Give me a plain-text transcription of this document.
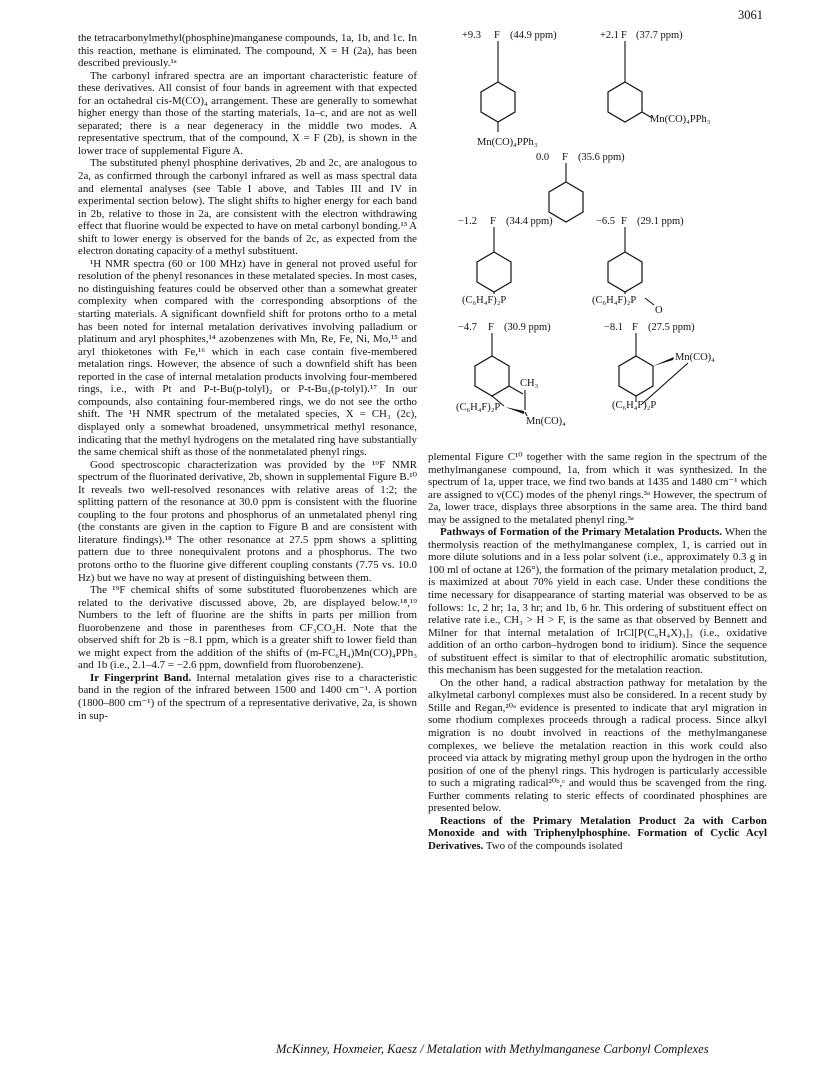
3061

the tetracarbonylmethyl(phosphine)manganese compounds, 1a, 1b, and 1c. In this reaction, methane is eliminated. The compound, X = H (2a), has been described previously.¹ᵃ

The carbonyl infrared spectra are an important characteristic feature of these derivatives. All consist of four bands in agreement with that expected for an octahedral cis-M(CO)₄ arrangement. These are generally to somewhat higher energy than those of the starting materials, 1a–c, and are not as well separated; there is a near degeneracy in the middle two modes. A representative spectrum, that of the compound, X = F (2b), is shown in the lower trace of supplemental Figure A.

The substituted phenyl phosphine derivatives, 2b and 2c, are analogous to 2a, as confirmed through the carbonyl infrared as well as mass spectral data and elemental analyses (see Table I above, and Tables III and IV in experimental section below). The slight shifts to higher energy for each band in 2b, relative to those in 2a, are consistent with the electron withdrawing effect that fluorine would be expected to have on metal carbonyl bonding.¹³ A shift to lower energy is observed for the bands of 2c, as expected from the electron donating capacity of a methyl substituent.

¹H NMR spectra (60 or 100 MHz) have in general not proved useful for resolution of the phenyl resonances in these metalated species. In most cases, no distinguishing features could be observed other than a somewhat greater complexity when compared with the corresponding absorptions of the starting materials. A significant downfield shift for protons ortho to a metal has been noted for internal metalation derivatives involving palladium or platinum and aryl phosphites,¹⁴ azobenzenes with Mn, Re, Fe, Ni, Mo,¹⁵ and aryl thioketones with Fe,¹⁶ which in each case contain five-membered metalation rings. However, the absence of such a downfield shift has been reported in the case of internal metalation products involving four-membered rings, i.e., with Pt and P-t-Bu(p-tolyl)₂ or P-t-Bu₂(p-tolyl).¹⁷ In our compounds, also containing four-membered rings, we do not see the ortho shift. The ¹H NMR spectrum of the metalated species, X = CH₃ (2c), displayed only a somewhat broadened, unsymmetrical methyl resonance, indicating that the methyl hydrogens on the metalated ring have substantially the same chemical shift as those of the nonmetalated phenyl rings.

Good spectroscopic characterization was provided by the ¹⁹F NMR spectrum of the fluorinated derivative, 2b, shown in supplemental Figure B.¹⁰ It reveals two well-resolved resonances with relative areas of 1:2; the splitting pattern of the resonance at 30.0 ppm is consistent with the fluorine coupling to the four protons and phosphorus of an unmetalated phenyl ring (the constants are given in the caption to Figure B and are consistent with literature findings).¹⁸ The other resonance at 27.5 ppm shows a splitting pattern due to three nonequivalent protons and a phosphorus. The two protons ortho to the fluorine give different coupling constants (7.75 vs. 10.0 Hz) but we have no way at present of distinguishing between them.

The ¹⁹F chemical shifts of some substituted fluorobenzenes which are related to the derivative discussed above, 2b, are displayed below.¹⁸,¹⁹ Numbers to the left of fluorine are the shifts in parts per million from fluorobenzene and those in parentheses from CF₃CO₂H. Note that the observed shift for 2b is −8.1 ppm, which is a greater shift to lower field than we might expect from the addition of the shifts of (m-FC₆H₄)Mn(CO)₄PPh₃ and 1b (i.e., 2.1–4.7 = −2.6 ppm, downfield from fluorobenzene).

Ir Fingerprint Band. Internal metalation gives rise to a characteristic band in the region of the infrared between 1500 and 1400 cm⁻¹. A portion (1800–800 cm⁻¹) of the spectrum of a representative derivative, 2a, is shown in sup-

+9.3 F (44.9 ppm)
Mn(CO)₄PPh₃
+2.1 F (37.7 ppm)
Mn(CO)₄PPh₃
0.0 F (35.6 ppm)
−1.2 F (34.4 ppm)
(C₆H₄F)₂P
−6.5 F (29.1 ppm)
(C₆H₄F)₂P
O
−4.7 F (30.9 ppm)
CH₃
(C₆H₄F)₂P
Mn(CO)₄
−8.1 F (27.5 ppm)
Mn(CO)₄
(C₆H₄F)₂P

plemental Figure C¹⁰ together with the same region in the spectrum of the methylmanganese compound, 1a, from which it was synthesized. In the spectrum of 1a, upper trace, we find two bands at 1435 and 1480 cm⁻¹ which are assigned to ν(CC) modes of the phenyl rings.³ᵃ However, the spectrum of 2a, lower trace, displays three absorptions in the same area. The third band may be assigned to the metalated phenyl ring.³ᵃ

Pathways of Formation of the Primary Metalation Products. When the thermolysis reaction of the methylmanganese complex, 1, is carried out in more dilute solutions and in a less polar solvent (i.e., approximately 0.3 g in 100 ml of octane at 126°), the formation of the primary metalation product, 2, is maximized at about 70% yield in each case. Under these conditions the time necessary for disappearance of starting material was observed to be as follows: 1c, 2 hr; 1a, 3 hr; and 1b, 6 hr. This ordering of substituent effect on relative rate i.e., CH₃ > H > F, is the same as that observed by Bennett and Milner for that internal metalation of IrCl[P(C₆H₄X)₃]₃ (i.e., oxidative addition of an ortho carbon–hydrogen bond to iridium). Since the sequence of substituent effect is similar to that of electrophilic aromatic substitution, this mechanism has been suggested for the metalation reaction.

On the other hand, a radical abstraction pathway for metalation by the alkylmetal carbonyl complexes must also be considered. In a recent study by Stille and Regan,²⁰ᵃ evidence is presented to indicate that aryl migration in some rhodium complexes proceeds through a radical process. Since alkyl migration is no doubt involved in reactions of the methylmanganese complexes, we believe the metalation reaction in this work could also proceed via attack by migrating methyl group upon the hydrogen in the ortho position of one of the phenyl rings. This hydrogen is particularly accessible to such a migrating radical²⁰ᵇ,ᶜ and would thus be scavenged from the ring. Further comments relating to steric effects of coordinated phosphines are presented below.

Reactions of the Primary Metalation Product 2a with Carbon Monoxide and with Triphenylphosphine. Formation of Cyclic Acyl Derivatives. Two of the compounds isolated

McKinney, Hoxmeier, Kaesz / Metalation with Methylmanganese Carbonyl Complexes
